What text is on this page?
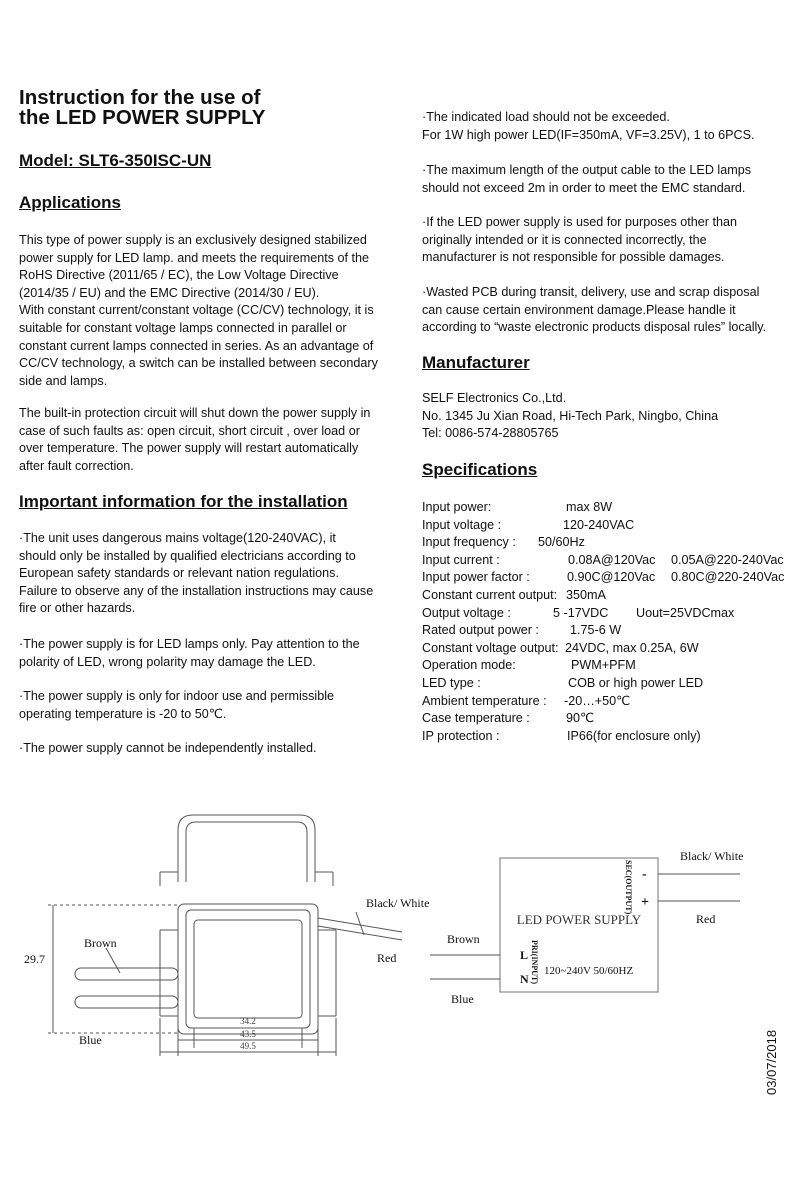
Instruction for the use of
the LED POWER SUPPLY
Model: SLT6-350ISC-UN
Applications
This type of power supply is an exclusively designed stabilized
power supply for LED lamp. and meets the requirements of the
RoHS Directive (2011/65 / EC), the Low Voltage Directive
(2014/35 / EU) and the EMC Directive (2014/30 / EU).
With constant current/constant voltage (CC/CV) technology, it is
suitable for constant voltage lamps connected in parallel or
constant current lamps connected in series. As an advantage of
CC/CV technology, a switch can be installed between secondary
side and lamps.
The built-in protection circuit will shut down the power supply in
case of such faults as: open circuit, short circuit , over load or
over temperature. The power supply will restart automatically
after fault correction.
Important information for the installation
·The unit uses dangerous mains voltage(120-240VAC), it
should only be installed by qualified electricians according to
European safety standards or relevant nation regulations.
Failure to observe any of the installation instructions may cause
fire or other hazards.
·The power supply is for LED lamps only. Pay attention to the
polarity of LED, wrong polarity may damage the LED.
·The power supply is only for indoor use and permissible
operating temperature is -20 to 50℃.
·The power supply cannot be independently installed.
·The indicated load should not be exceeded.
For 1W high power LED(IF=350mA, VF=3.25V), 1 to 6PCS.
·The maximum length of the output cable to the LED lamps
should not exceed 2m in order to meet the EMC standard.
·If the LED power supply is used for purposes other than
originally intended or it is connected incorrectly, the
manufacturer is not responsible for possible damages.
·Wasted PCB during transit, delivery, use and scrap disposal
can cause certain environment damage.Please handle it
according to “waste electronic products disposal rules” locally.
Manufacturer
SELF Electronics Co.,Ltd.
No. 1345 Ju Xian Road, Hi-Tech Park, Ningbo, China
Tel: 0086-574-28805765
Specifications
Input power:	max 8W
Input voltage :	120-240VAC
Input frequency : 50/60Hz
Input current :	0.08A@120Vac 0.05A@220-240Vac
Input power factor :	0.90C@120Vac 0.80C@220-240Vac
Constant current output: 350mA
Output voltage :	5 -17VDC Uout=25VDCmax
Rated output power : 1.75-6 W
Constant voltage output: 24VDC, max 0.25A, 6W
Operation mode:	PWM+PFM
LED type :	COB or high power LED
Ambient temperature : -20…+50℃
Case temperature :	90℃
IP protection :	IP66(for enclosure only)
29.7
Brown
Blue
Black/ White
Red
34.2
43.5
49.5
Black/ White
Red
Brown
Blue
LED POWER SUPPLY
-
+
L
N
120~240V 50/60HZ
SEC(OUTPUT)
PRI(INPUT)
03/07/2018
